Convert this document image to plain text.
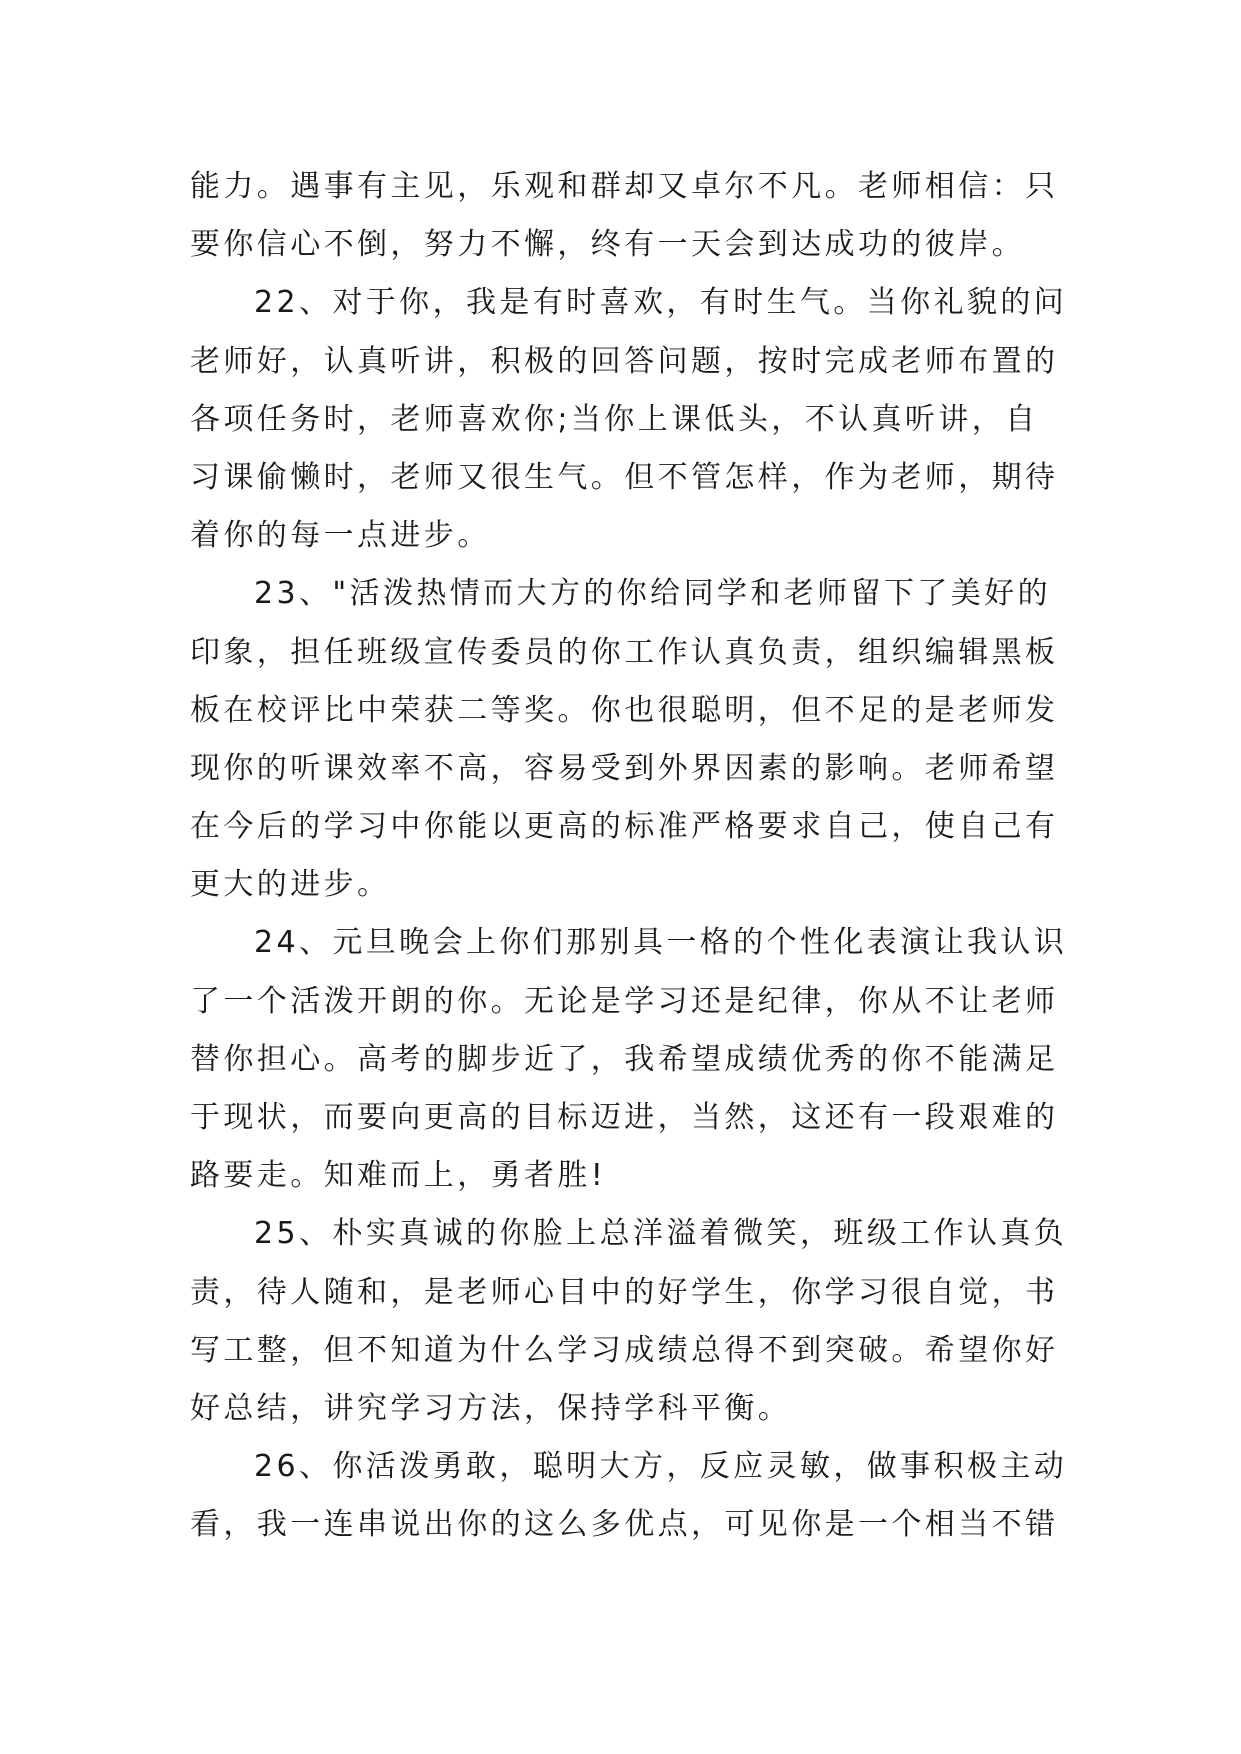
能力。遇事有主见，乐观和群却又卓尔不凡。老师相信：只
要你信心不倒，努力不懈，终有一天会到达成功的彼岸。
22、对于你，我是有时喜欢，有时生气。当你礼貌的问
老师好，认真听讲，积极的回答问题，按时完成老师布置的
各项任务时，老师喜欢你;当你上课低头，不认真听讲，自
习课偷懒时，老师又很生气。但不管怎样，作为老师，期待
着你的每一点进步。
23、"活泼热情而大方的你给同学和老师留下了美好的
印象，担任班级宣传委员的你工作认真负责，组织编辑黑板
板在校评比中荣获二等奖。你也很聪明，但不足的是老师发
现你的听课效率不高，容易受到外界因素的影响。老师希望
在今后的学习中你能以更高的标准严格要求自己，使自己有
更大的进步。
24、元旦晚会上你们那别具一格的个性化表演让我认识
了一个活泼开朗的你。无论是学习还是纪律，你从不让老师
替你担心。高考的脚步近了，我希望成绩优秀的你不能满足
于现状，而要向更高的目标迈进，当然，这还有一段艰难的
路要走。知难而上，勇者胜!
25、朴实真诚的你脸上总洋溢着微笑，班级工作认真负
责，待人随和，是老师心目中的好学生，你学习很自觉，书
写工整，但不知道为什么学习成绩总得不到突破。希望你好
好总结，讲究学习方法，保持学科平衡。
26、你活泼勇敢，聪明大方，反应灵敏，做事积极主动
看，我一连串说出你的这么多优点，可见你是一个相当不错
